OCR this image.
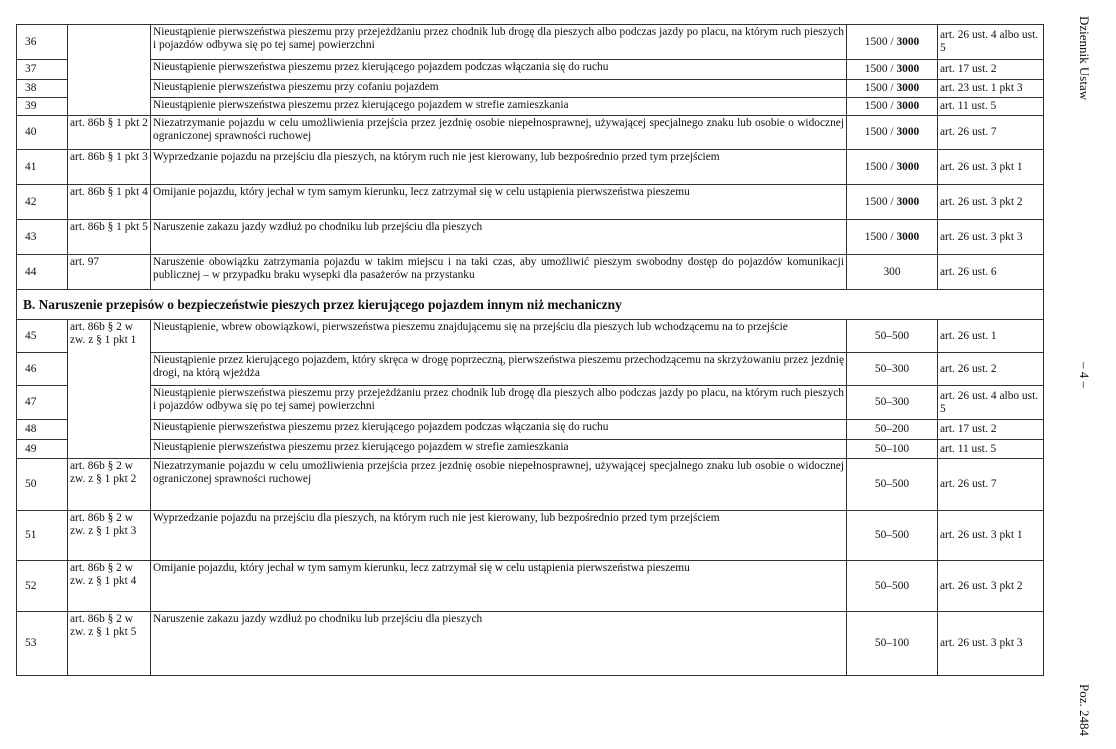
36		Nieustąpienie pierwszeństwa pieszemu przy przejeżdżaniu przez chodnik lub drogę dla pieszych albo podczas jazdy po placu, na którym ruch pieszych i pojazdów odbywa się po tej samej powierzchni	1500 / 3000	art. 26 ust. 4 albo ust. 5
37		Nieustąpienie pierwszeństwa pieszemu przez kierującego pojazdem podczas włączania się do ruchu	1500 / 3000	art. 17 ust. 2
38		Nieustąpienie pierwszeństwa pieszemu przy cofaniu pojazdem	1500 / 3000	art. 23 ust. 1 pkt 3
39		Nieustąpienie pierwszeństwa pieszemu przez kierującego pojazdem w strefie zamieszkania	1500 / 3000	art. 11 ust. 5
40	art. 86b § 1 pkt 2	Niezatrzymanie pojazdu w celu umożliwienia przejścia przez jezdnię osobie niepełnosprawnej, używającej specjalnego znaku lub osobie o widocznej ograniczonej sprawności ruchowej	1500 / 3000	art. 26 ust. 7
41	art. 86b § 1 pkt 3	Wyprzedzanie pojazdu na przejściu dla pieszych, na którym ruch nie jest kierowany, lub bezpośrednio przed tym przejściem	1500 / 3000	art. 26 ust. 3 pkt 1
42	art. 86b § 1 pkt 4	Omijanie pojazdu, który jechał w tym samym kierunku, lecz zatrzymał się w celu ustąpienia pierwszeństwa pieszemu	1500 / 3000	art. 26 ust. 3 pkt 2
43	art. 86b § 1 pkt 5	Naruszenie zakazu jazdy wzdłuż po chodniku lub przejściu dla pieszych	1500 / 3000	art. 26 ust. 3 pkt 3
44	art. 97	Naruszenie obowiązku zatrzymania pojazdu w takim miejscu i na taki czas, aby umożliwić pieszym swobodny dostęp do pojazdów komunikacji publicznej – w przypadku braku wysepki dla pasażerów na przystanku	300	art. 26 ust. 6
B. Naruszenie przepisów o bezpieczeństwie pieszych przez kierującego pojazdem innym niż mechaniczny				
45	art. 86b § 2 w zw. z § 1 pkt 1	Nieustąpienie, wbrew obowiązkowi, pierwszeństwa pieszemu znajdującemu się na przejściu dla pieszych lub wchodzącemu na to przejście	50–500	art. 26 ust. 1
46		Nieustąpienie przez kierującego pojazdem, który skręca w drogę poprzeczną, pierwszeństwa pieszemu przechodzącemu na skrzyżowaniu przez jezdnię drogi, na którą wjeżdża	50–300	art. 26 ust. 2
47		Nieustąpienie pierwszeństwa pieszemu przy przejeżdżaniu przez chodnik lub drogę dla pieszych albo podczas jazdy po placu, na którym ruch pieszych i pojazdów odbywa się po tej samej powierzchni	50–300	art. 26 ust. 4 albo ust. 5
48		Nieustąpienie pierwszeństwa pieszemu przez kierującego pojazdem podczas włączania się do ruchu	50–200	art. 17 ust. 2
49		Nieustąpienie pierwszeństwa pieszemu przez kierującego pojazdem w strefie zamieszkania	50–100	art. 11 ust. 5
50	art. 86b § 2 w zw. z § 1 pkt 2	Niezatrzymanie pojazdu w celu umożliwienia przejścia przez jezdnię osobie niepełnosprawnej, używającej specjalnego znaku lub osobie o widocznej ograniczonej sprawności ruchowej	50–500	art. 26 ust. 7
51	art. 86b § 2 w zw. z § 1 pkt 3	Wyprzedzanie pojazdu na przejściu dla pieszych, na którym ruch nie jest kierowany, lub bezpośrednio przed tym przejściem	50–500	art. 26 ust. 3 pkt 1
52	art. 86b § 2 w zw. z § 1 pkt 4	Omijanie pojazdu, który jechał w tym samym kierunku, lecz zatrzymał się w celu ustąpienia pierwszeństwa pieszemu	50–500	art. 26 ust. 3 pkt 2
53	art. 86b § 2 w zw. z § 1 pkt 5	Naruszenie zakazu jazdy wzdłuż po chodniku lub przejściu dla pieszych	50–100	art. 26 ust. 3 pkt 3
Dziennik Ustaw
– 4 –
Poz. 2484
